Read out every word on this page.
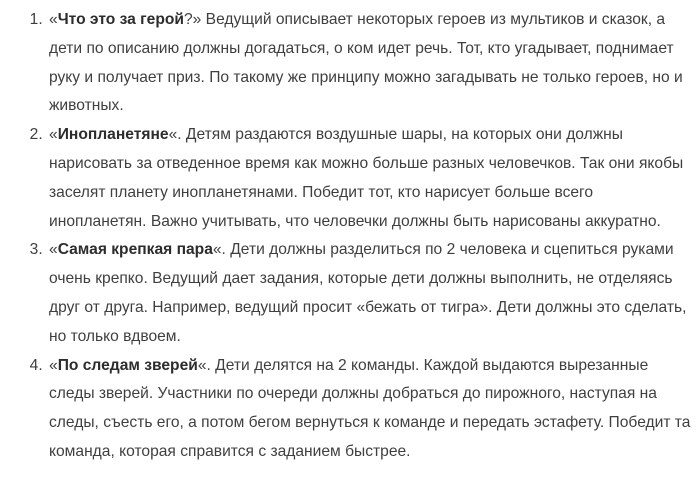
1. «Что это за герой?» Ведущий описывает некоторых героев из мультиков и сказок, а дети по описанию должны догадаться, о ком идет речь. Тот, кто угадывает, поднимает руку и получает приз. По такому же принципу можно загадывать не только героев, но и животных.
2. «Инопланетяне«. Детям раздаются воздушные шары, на которых они должны нарисовать за отведенное время как можно больше разных человечков. Так они якобы заселят планету инопланетянами. Победит тот, кто нарисует больше всего инопланетян. Важно учитывать, что человечки должны быть нарисованы аккуратно.
3. «Самая крепкая пара«. Дети должны разделиться по 2 человека и сцепиться руками очень крепко. Ведущий дает задания, которые дети должны выполнить, не отделяясь друг от друга. Например, ведущий просит «бежать от тигра». Дети должны это сделать, но только вдвоем.
4. «По следам зверей«. Дети делятся на 2 команды. Каждой выдаются вырезанные следы зверей. Участники по очереди должны добраться до пирожного, наступая на следы, съесть его, а потом бегом вернуться к команде и передать эстафету. Победит та команда, которая справится с заданием быстрее.
